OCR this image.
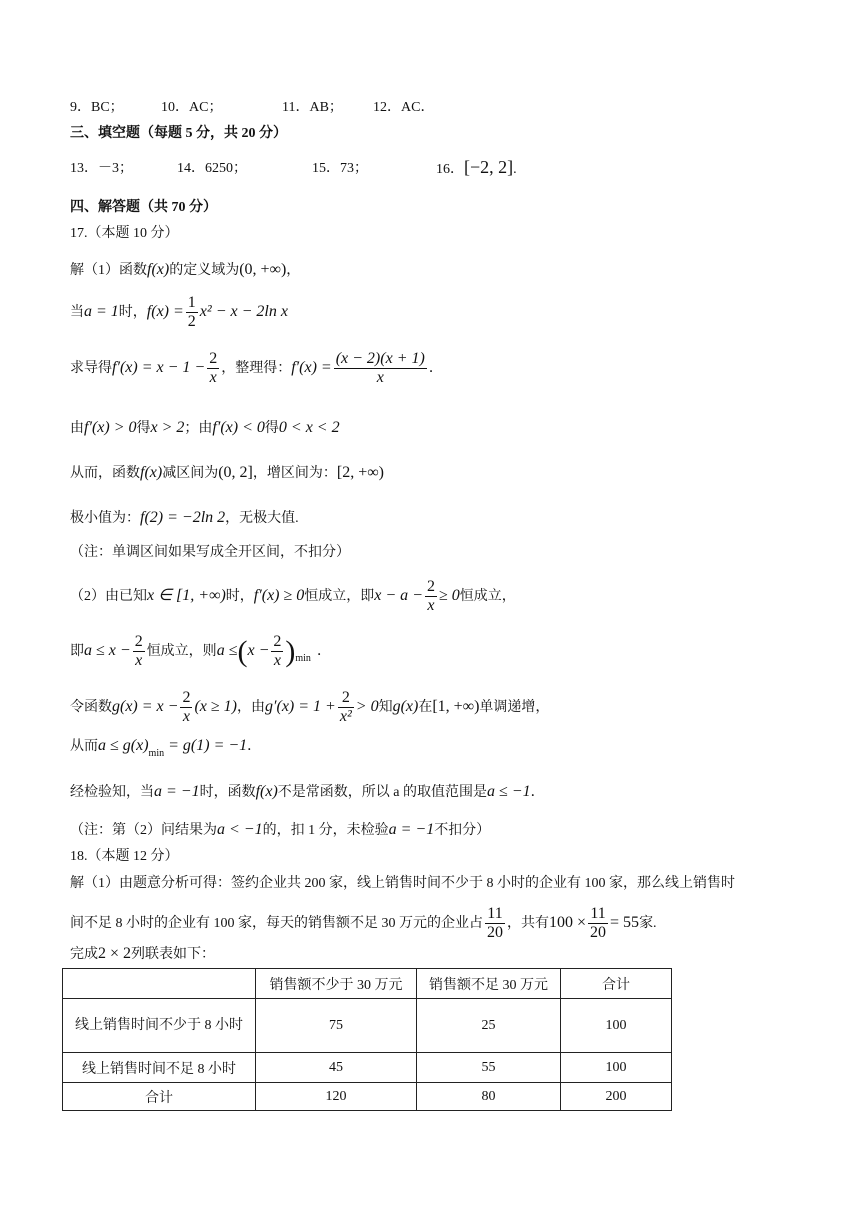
9．BC；	10．AC；	11．AB； 12．AC．
三、填空题（每题 5 分，共 20 分）
13．－3；	14．6250；	15．73；	16．[−2, 2].
四、解答题（共 70 分）
17.（本题 10 分）
解（1）函数f(x)的定义域为(0, +∞)，
当a = 1时，$f(x) = \frac{1}{2} x^2 - x - 2\ln$ x
求导得$f'(x) = x - 1 - \frac{2}{x}$ ，整理得：$f'(x) = \frac{(x - 2)(x + 1)}{x}$ ．
由f′(x) > 0得x > 2；由f′(x) < 0得0 < x < 2
从而，函数f(x)减区间为(0, 2]，增区间为：[2, +∞)
极小值为：f(2) = −2ln 2，无极大值.
（注：单调区间如果写成全开区间，不扣分）
（2）由已知x ∈ [1, +∞)时，f′(x) ≥ 0恒成立，即$x - a - \frac{2}{x} \ge 0$恒成立，
即$a \le x - \frac{2}{x}$ 恒成立，则$a \le(x - \frac{2}{x} )_{min}$ ．
令函数$g(x) = x - \frac{2}{x} (x \ge 1)$，由$g'(x) = 1 + \frac{2}{\text{x²}} > 0$知g(x)在[1, +∞)单调递增，
从而$a \le g(x)_{min} = g(1) = -1$．
经检验知，当a = −1时，函数f(x)不是常函数，所以 a 的取值范围是a ≤ −1．
（注：第（2）问结果为a < −1的，扣 1 分，未检验a = −1不扣分）
18.（本题 12 分）
解（1）由题意分析可得：签约企业共 200 家，线上销售时间不少于 8 小时的企业有 100 家，那么线上销售时
间不足 8 小时的企业有 100 家，每天的销售额不足 30 万元的企业占 $\frac{11}{20}$ ，共有$100 \times \frac{11}{20} = 55$家.
完成2 × 2列联表如下：
	销售额不少于 30 万元	销售额不足 30 万元	合计
线上销售时间不少于 8 小时	75	25	100
线上销售时间不足 8 小时	45	55	100
合计	120	80	200
